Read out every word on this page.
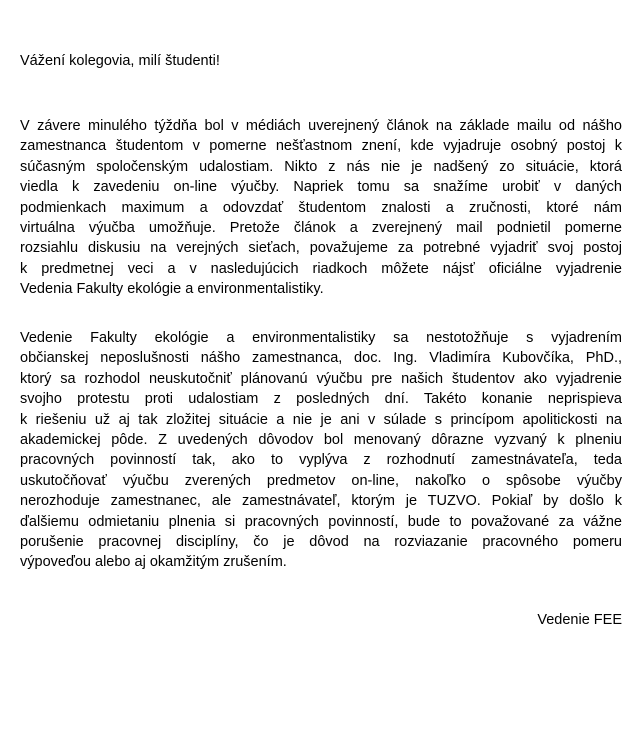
Vážení kolegovia, milí študenti!
V závere minulého týždňa bol v médiách uverejnený článok na základe mailu od nášho
zamestnanca študentom v pomerne nešťastnom znení, kde vyjadruje osobný postoj k
súčasným spoločenským udalostiam. Nikto z nás nie je nadšený zo situácie, ktorá
viedla k zavedeniu on-line výučby. Napriek tomu sa snažíme urobiť v daných
podmienkach maximum a odovzdať študentom znalosti a zručnosti, ktoré nám
virtuálna výučba umožňuje. Pretože článok a zverejnený mail podnietil pomerne
rozsiahlu diskusiu na verejných sieťach, považujeme za potrebné vyjadriť svoj postoj
k predmetnej veci a v nasledujúcich riadkoch môžete nájsť oficiálne vyjadrenie
Vedenia Fakulty ekológie a environmentalistiky.
Vedenie Fakulty ekológie a environmentalistiky sa nestotožňuje s vyjadrením
občianskej neposlušnosti nášho zamestnanca, doc. Ing. Vladimíra Kubovčíka, PhD.,
ktorý sa rozhodol neuskutočniť plánovanú výučbu pre našich študentov ako vyjadrenie
svojho protestu proti udalostiam z posledných dní. Takéto konanie neprispieva
k riešeniu už aj tak zložitej situácie a nie je ani v súlade s princípom apolitickosti na
akademickej pôde. Z uvedených dôvodov bol menovaný dôrazne vyzvaný k plneniu
pracovných povinností tak, ako to vyplýva z rozhodnutí zamestnávateľa, teda
uskutočňovať výučbu zverených predmetov on-line, nakoľko o spôsobe výučby
nerozhoduje zamestnanec, ale zamestnávateľ, ktorým je TUZVO. Pokiaľ by došlo k
ďalšiemu odmietaniu plnenia si pracovných povinností, bude to považované za vážne
porušenie pracovnej disciplíny, čo je dôvod na rozviazanie pracovného pomeru
výpoveďou alebo aj okamžitým zrušením.
Vedenie FEE
